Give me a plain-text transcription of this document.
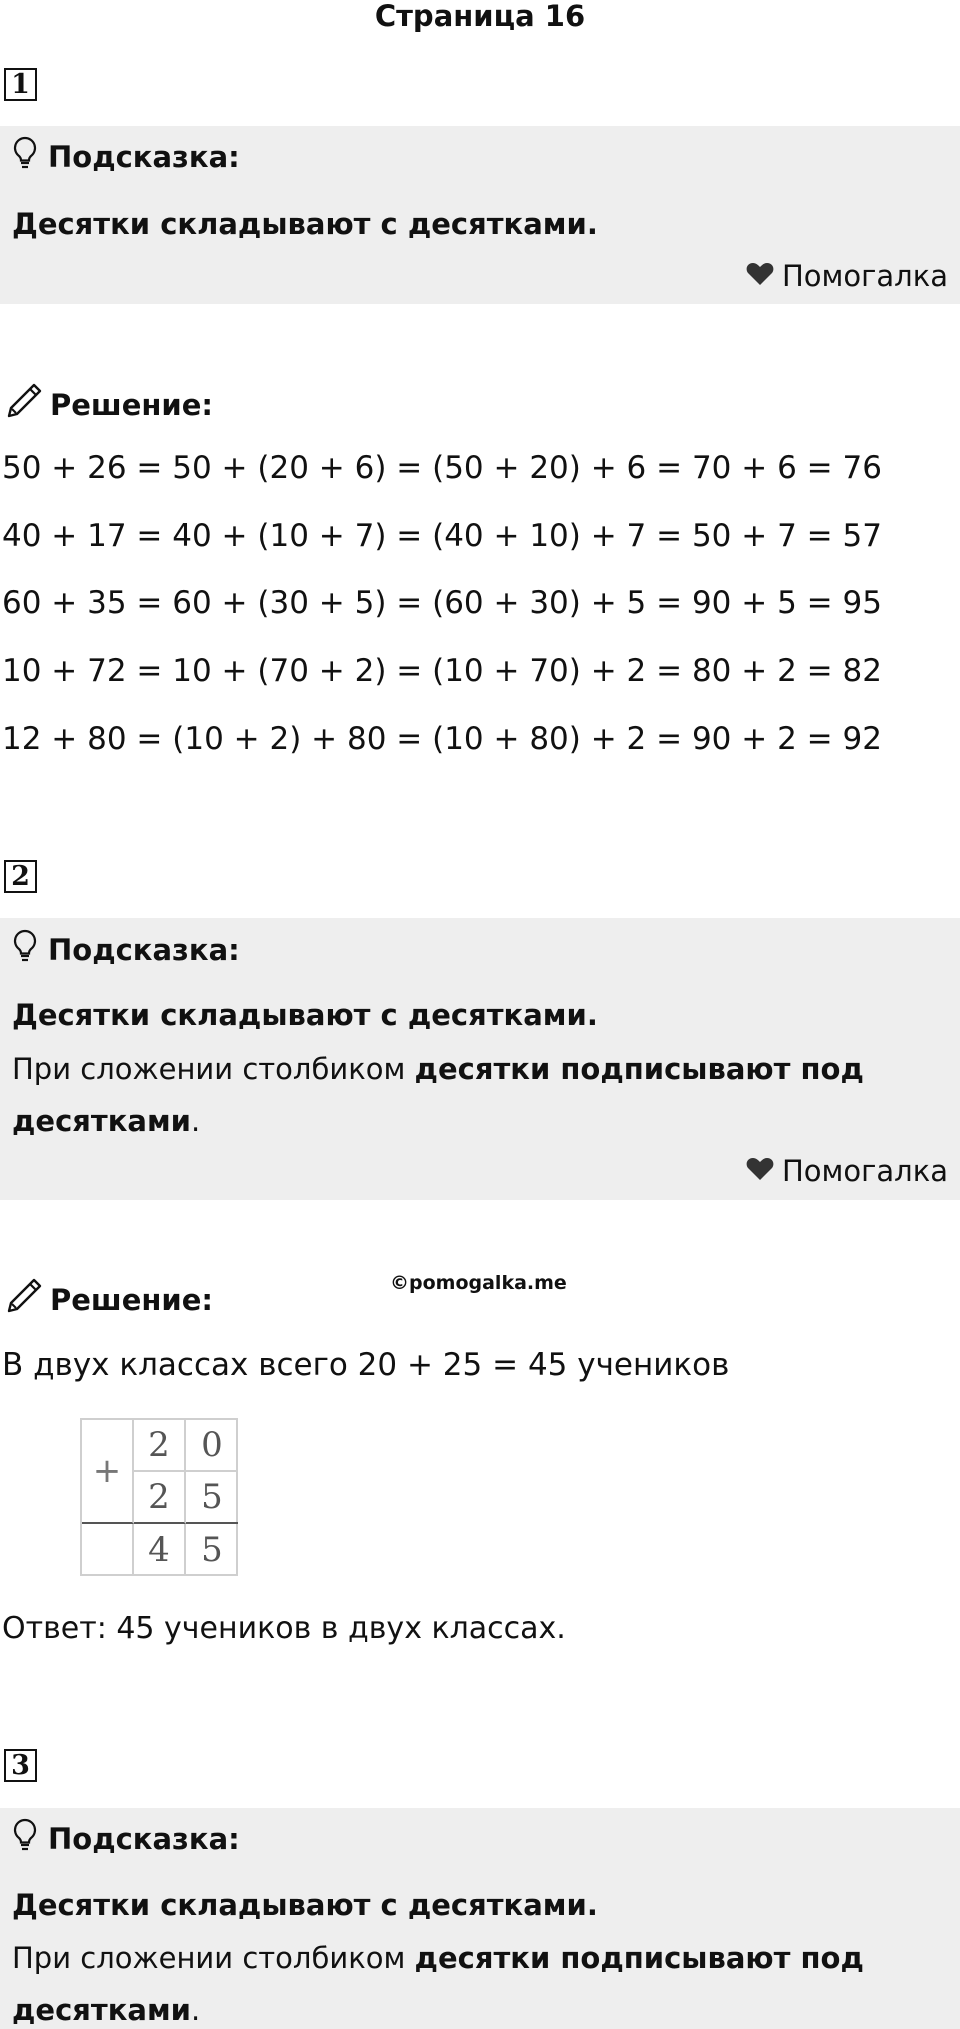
Страница 16
1
Подсказка:
Десятки складывают с десятками.
Помогалка
Решение:
50 + 26 = 50 + (20 + 6) = (50 + 20) + 6 = 70 + 6 = 76
40 + 17 = 40 + (10 + 7) = (40 + 10) + 7 = 50 + 7 = 57
60 + 35 = 60 + (30 + 5) = (60 + 30) + 5 = 90 + 5 = 95
10 + 72 = 10 + (70 + 2) = (10 + 70) + 2 = 80 + 2 = 82
12 + 80 = (10 + 2) + 80 = (10 + 80) + 2 = 90 + 2 = 92
2
Подсказка:
Десятки складывают с десятками.
При сложении столбиком десятки подписывают под
десятками.
Помогалка
Решение:	©pomogalka.me
В двух классах всего 20 + 25 = 45 учеников
+
2 0
2 5
4 5
Ответ: 45 учеников в двух классах.
3
Подсказка:
Десятки складывают с десятками.
При сложении столбиком десятки подписывают под
десятками.
